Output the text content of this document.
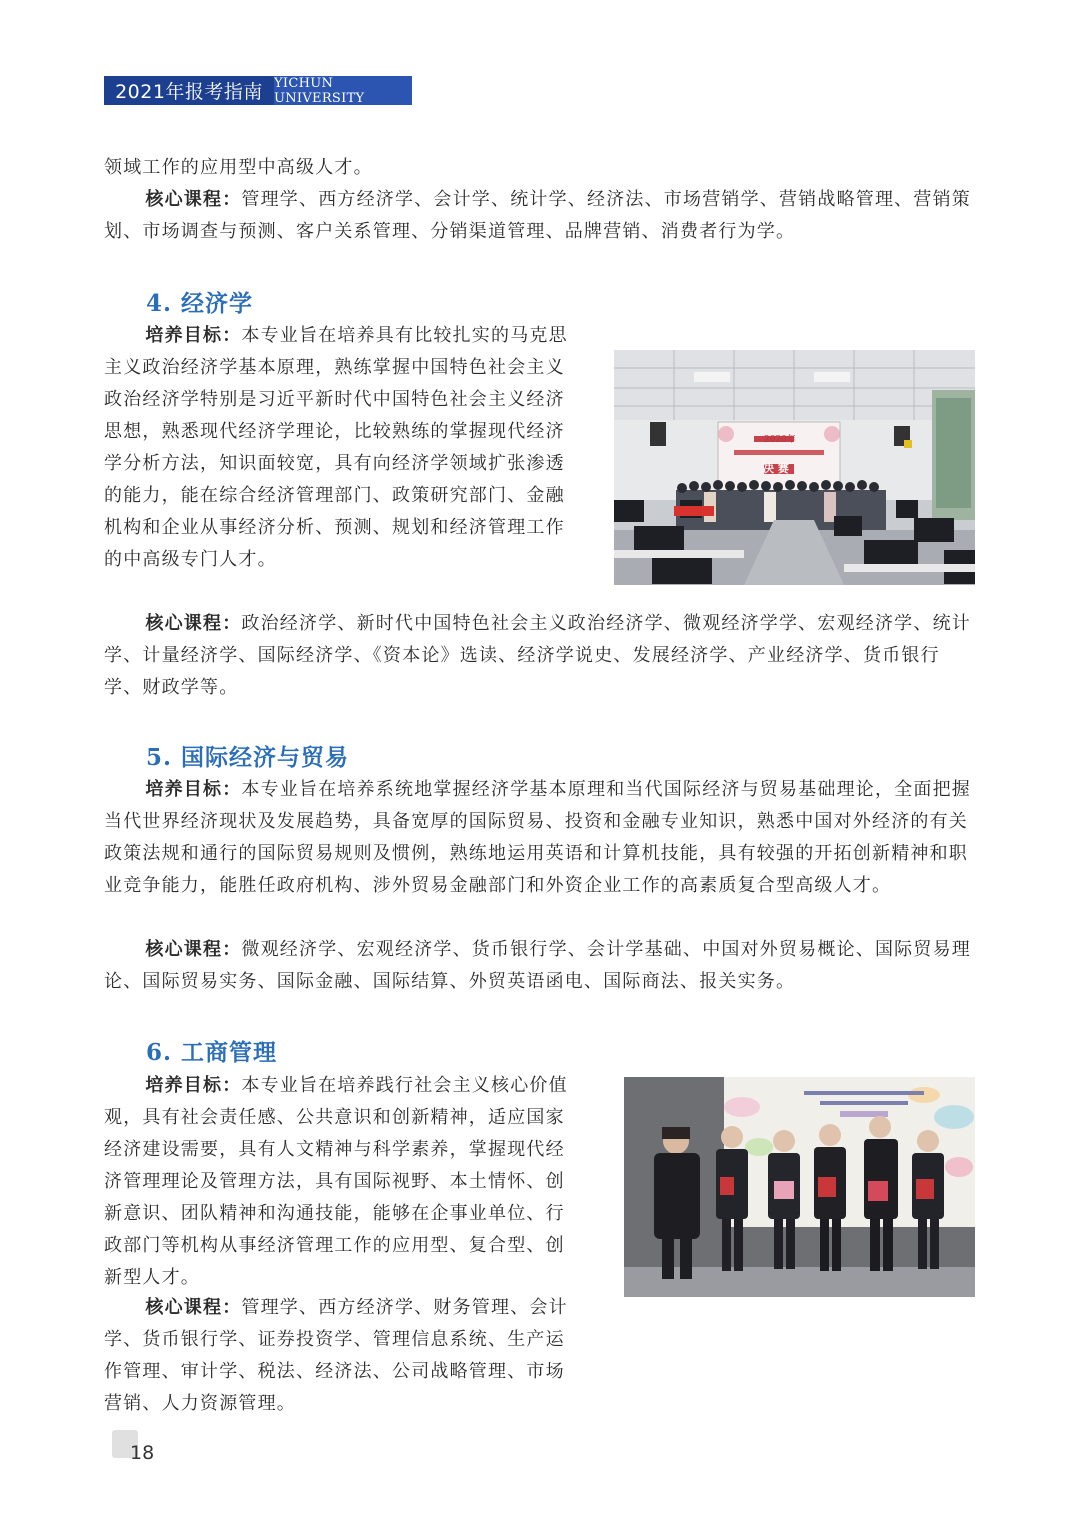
2021年报考指南 YICHUN UNIVERSITY

领域工作的应用型中高级人才。

核心课程：管理学、西方经济学、会计学、统计学、经济法、市场营销学、营销战略管理、营销策划、市场调查与预测、客户关系管理、分销渠道管理、品牌营销、消费者行为学。

4. 经济学

培养目标：本专业旨在培养具有比较扎实的马克思主义政治经济学基本原理，熟练掌握中国特色社会主义政治经济学特别是习近平新时代中国特色社会主义经济思想，熟悉现代经济学理论，比较熟练的掌握现代经济学分析方法，知识面较宽，具有向经济学领域扩张渗透的能力，能在综合经济管理部门、政策研究部门、金融机构和企业从事经济分析、预测、规划和经济管理工作的中高级专门人才。

核心课程：政治经济学、新时代中国特色社会主义政治经济学、微观经济学学、宏观经济学、统计学、计量经济学、国际经济学、《资本论》选读、经济学说史、发展经济学、产业经济学、货币银行学、财政学等。

2020年
决 赛
5. 国际经济与贸易

培养目标：本专业旨在培养系统地掌握经济学基本原理和当代国际经济与贸易基础理论，全面把握当代世界经济现状及发展趋势，具备宽厚的国际贸易、投资和金融专业知识，熟悉中国对外经济的有关政策法规和通行的国际贸易规则及惯例，熟练地运用英语和计算机技能，具有较强的开拓创新精神和职业竞争能力，能胜任政府机构、涉外贸易金融部门和外资企业工作的高素质复合型高级人才。

核心课程：微观经济学、宏观经济学、货币银行学、会计学基础、中国对外贸易概论、国际贸易理论、国际贸易实务、国际金融、国际结算、外贸英语函电、国际商法、报关实务。

6. 工商管理

培养目标：本专业旨在培养践行社会主义核心价值观，具有社会责任感、公共意识和创新精神，适应国家经济建设需要，具有人文精神与科学素养，掌握现代经济管理理论及管理方法，具有国际视野、本土情怀、创新意识、团队精神和沟通技能，能够在企事业单位、行政部门等机构从事经济管理工作的应用型、复合型、创新型人才。

核心课程：管理学、西方经济学、财务管理、会计学、货币银行学、证券投资学、管理信息系统、生产运作管理、审计学、税法、经济法、公司战略管理、市场营销、人力资源管理。

18
